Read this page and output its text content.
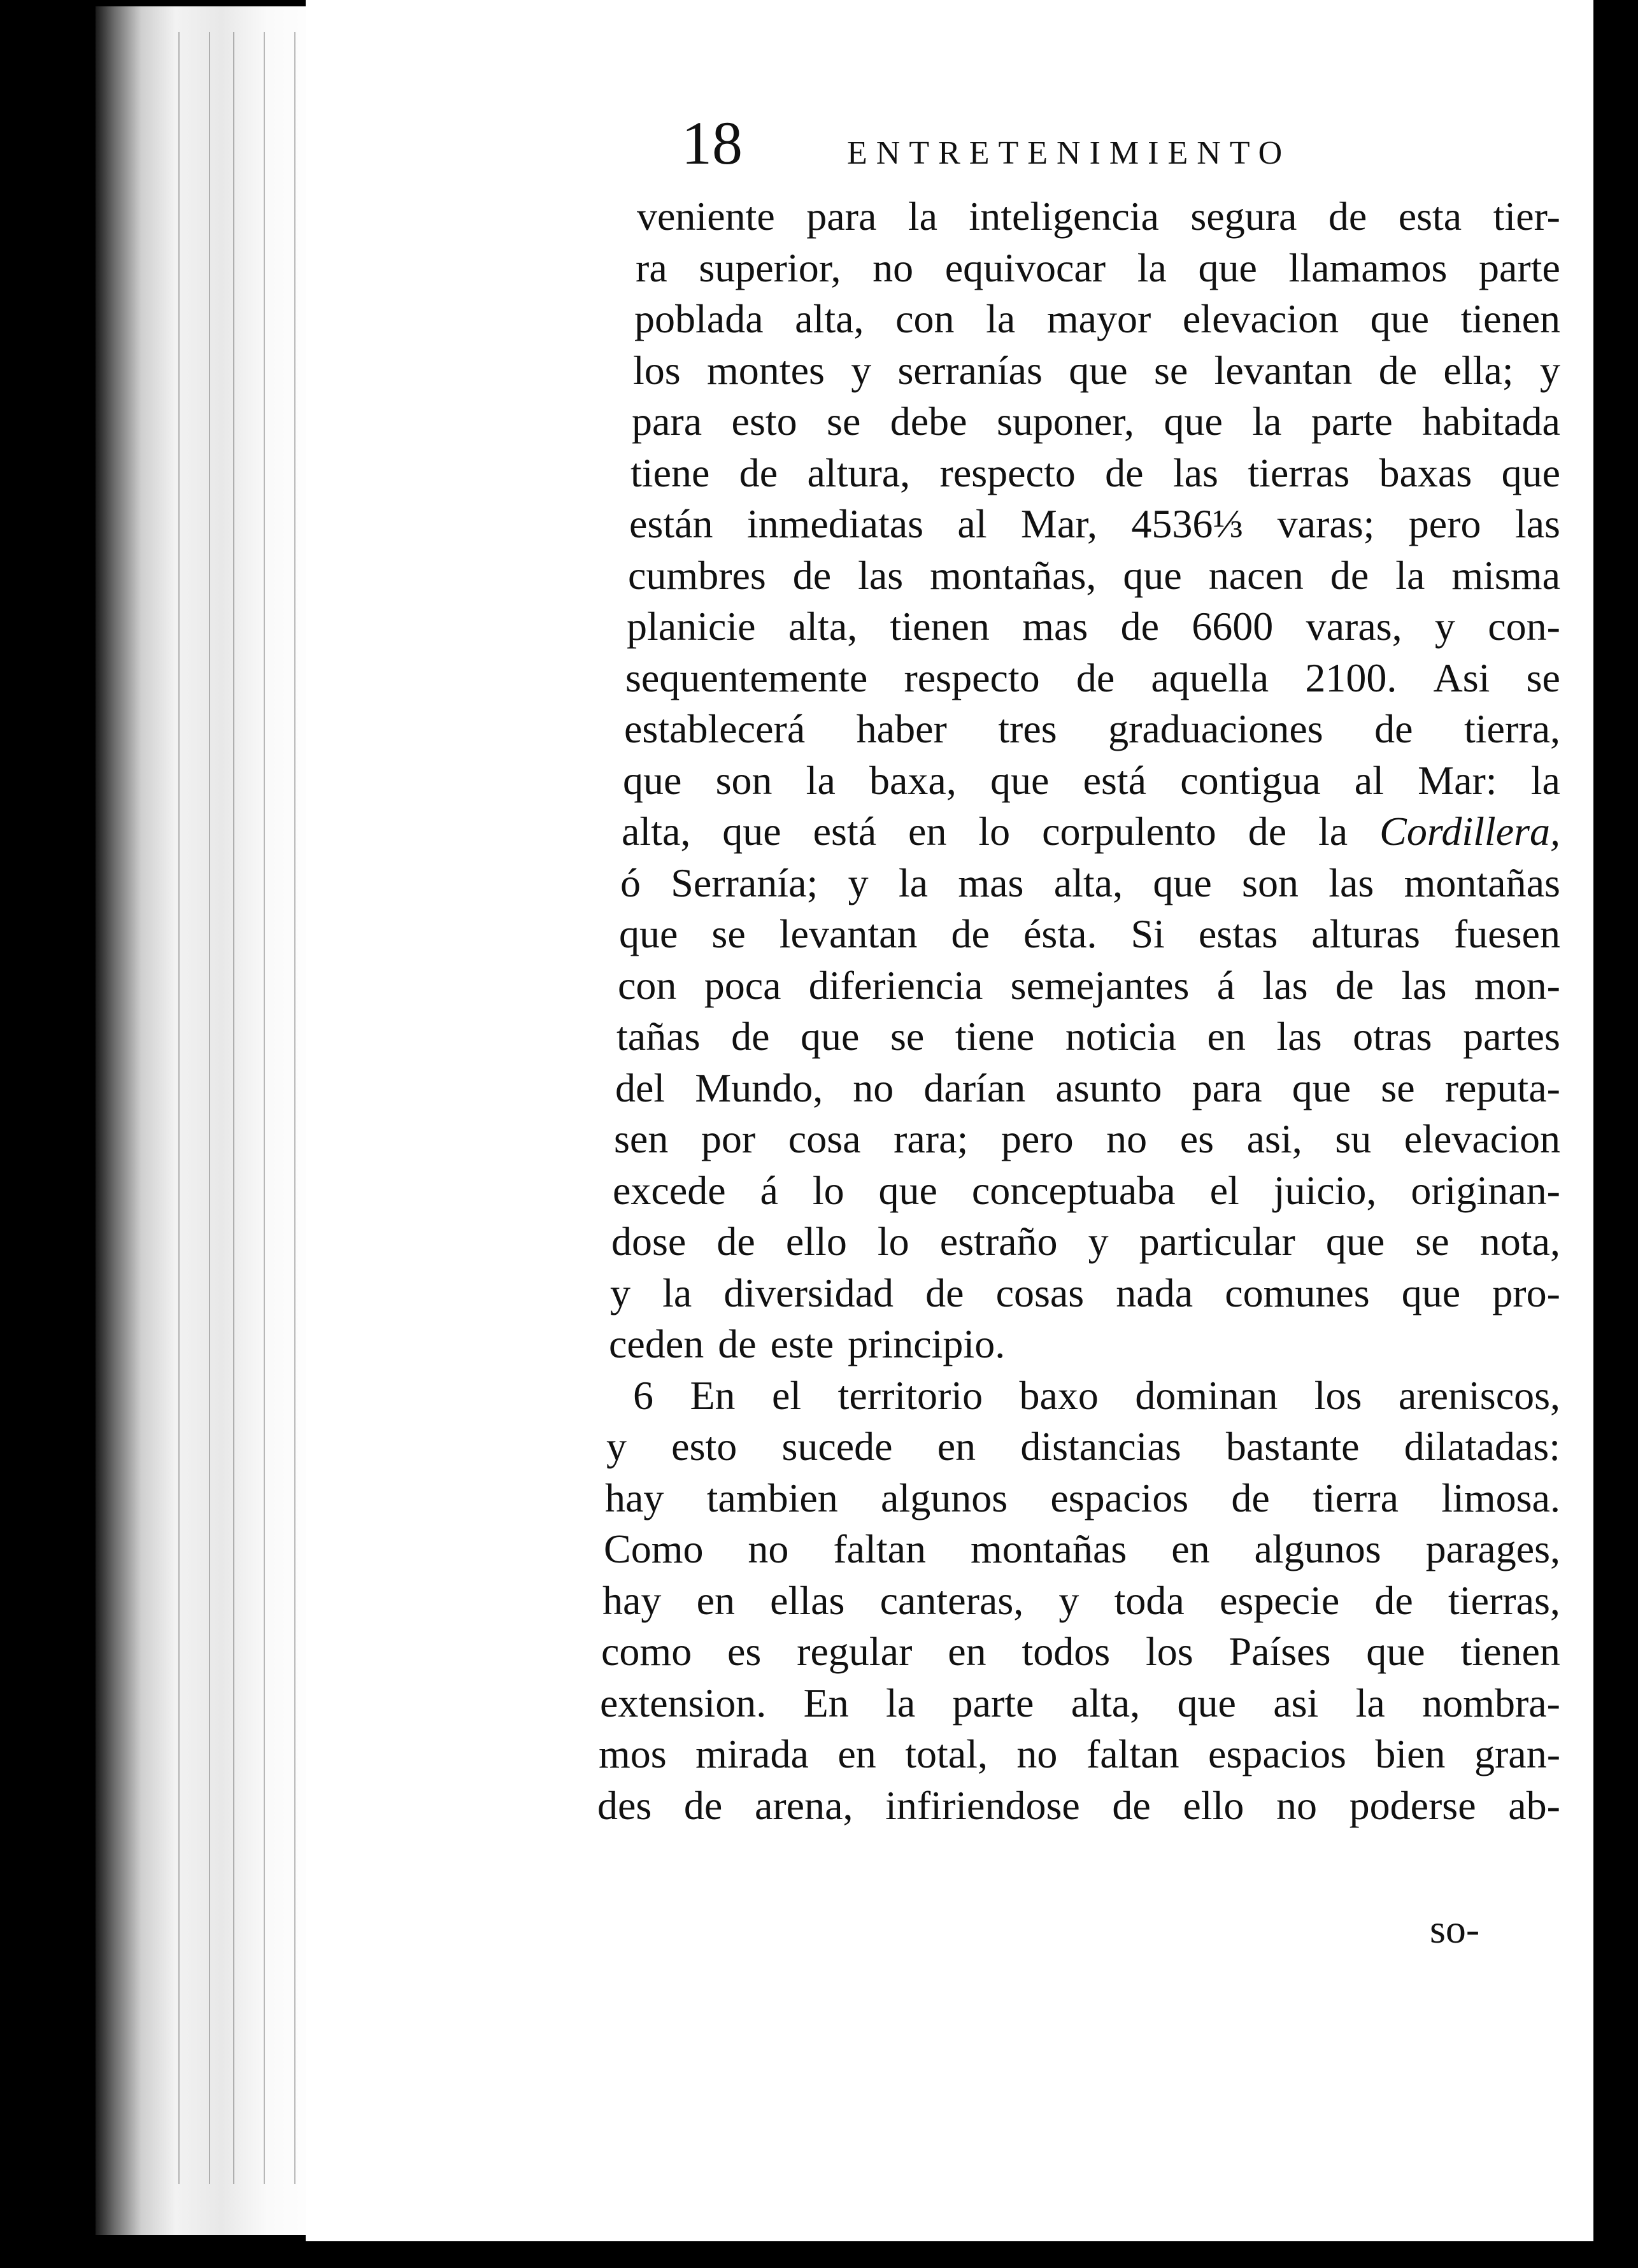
18	ENTRETENIMIENTO
veniente para la inteligencia segura de esta tier-
ra superior, no equivocar la que llamamos parte
poblada alta, con la mayor elevacion que tienen
los montes y serranías que se levantan de ella; y
para esto se debe suponer, que la parte habitada
tiene de altura, respecto de las tierras baxas que
están inmediatas al Mar, 4536⅓ varas; pero las
cumbres de las montañas, que nacen de la misma
planicie alta, tienen mas de 6600 varas, y con-
sequentemente respecto de aquella 2100. Asi se
establecerá haber tres graduaciones de tierra,
que son la baxa, que está contigua al Mar: la
alta, que está en lo corpulento de la Cordillera,
ó Serranía; y la mas alta, que son las montañas
que se levantan de ésta. Si estas alturas fuesen
con poca diferiencia semejantes á las de las mon-
tañas de que se tiene noticia en las otras partes
del Mundo, no darían asunto para que se reputa-
sen por cosa rara; pero no es asi, su elevacion
excede á lo que conceptuaba el juicio, originan-
dose de ello lo estraño y particular que se nota,
y la diversidad de cosas nada comunes que pro-
ceden de este principio.
6 En el territorio baxo dominan los areniscos,
y esto sucede en distancias bastante dilatadas:
hay tambien algunos espacios de tierra limosa.
Como no faltan montañas en algunos parages,
hay en ellas canteras, y toda especie de tierras,
como es regular en todos los Países que tienen
extension. En la parte alta, que asi la nombra-
mos mirada en total, no faltan espacios bien gran-
des de arena, infiriendose de ello no poderse ab-
so-
